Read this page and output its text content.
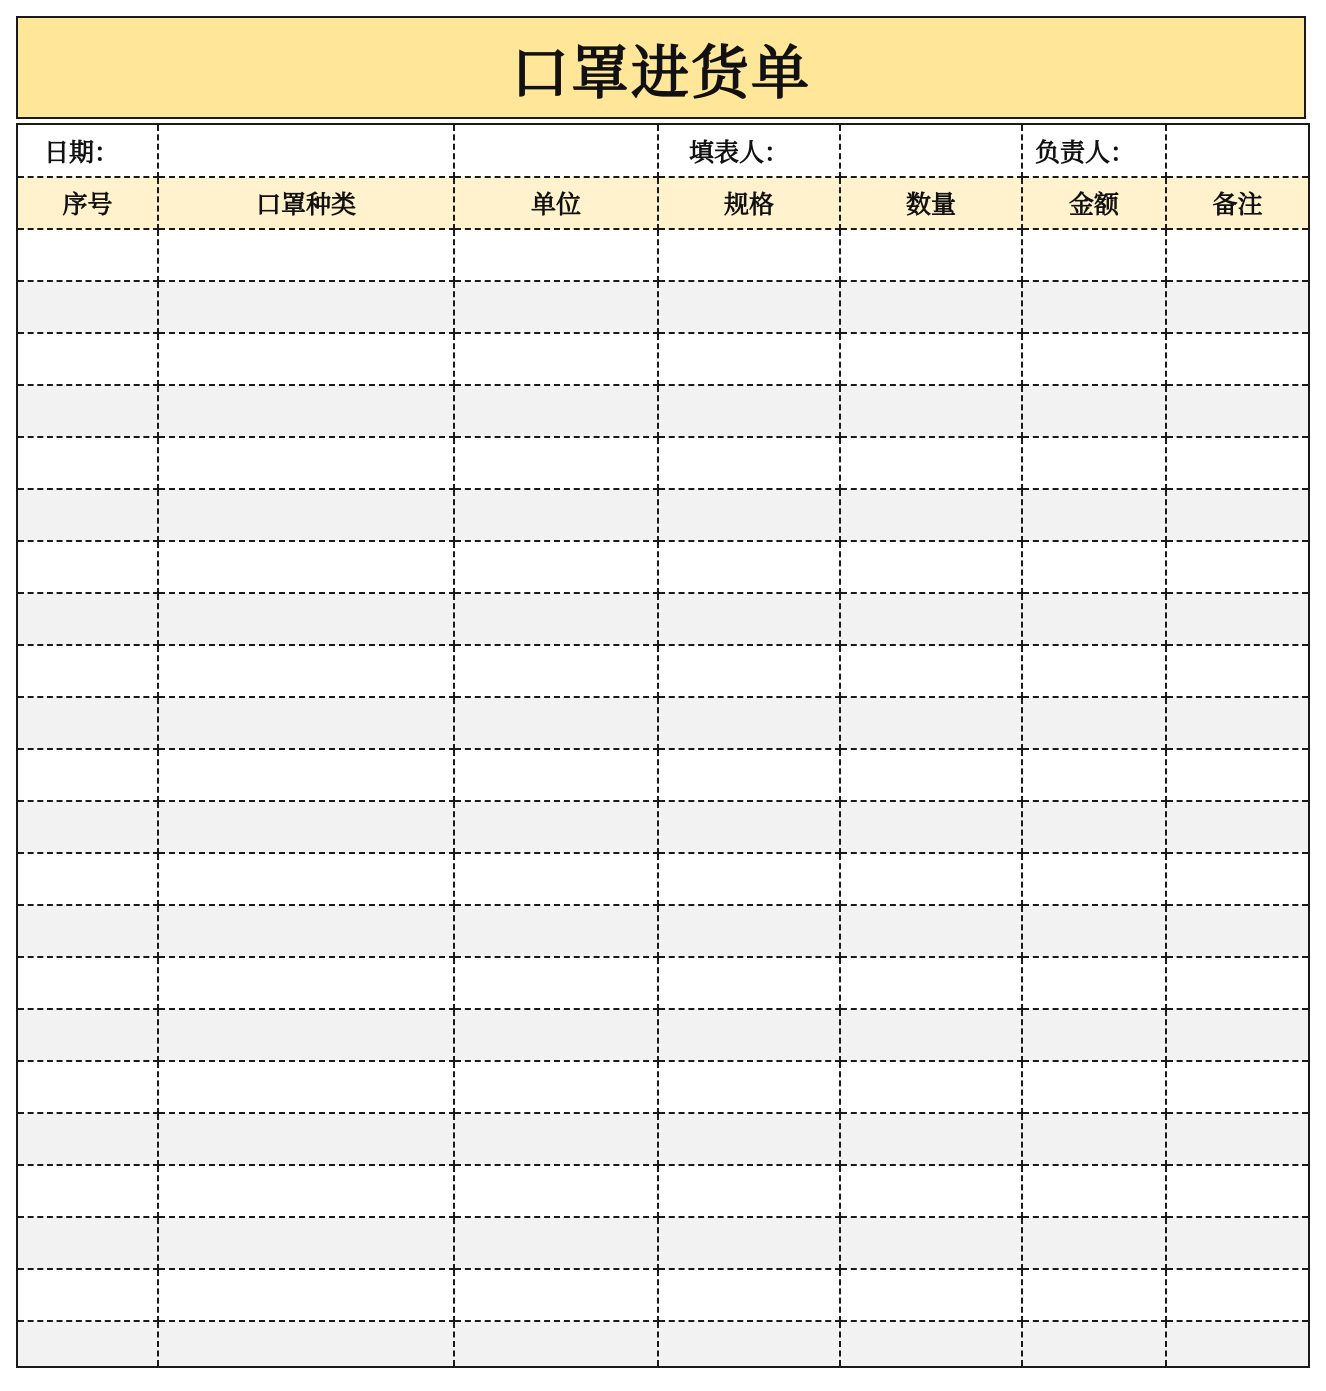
口罩进货单
日期：			填表人：		负责人：	
序号	口罩种类	单位	规格	数量	金额	备注
